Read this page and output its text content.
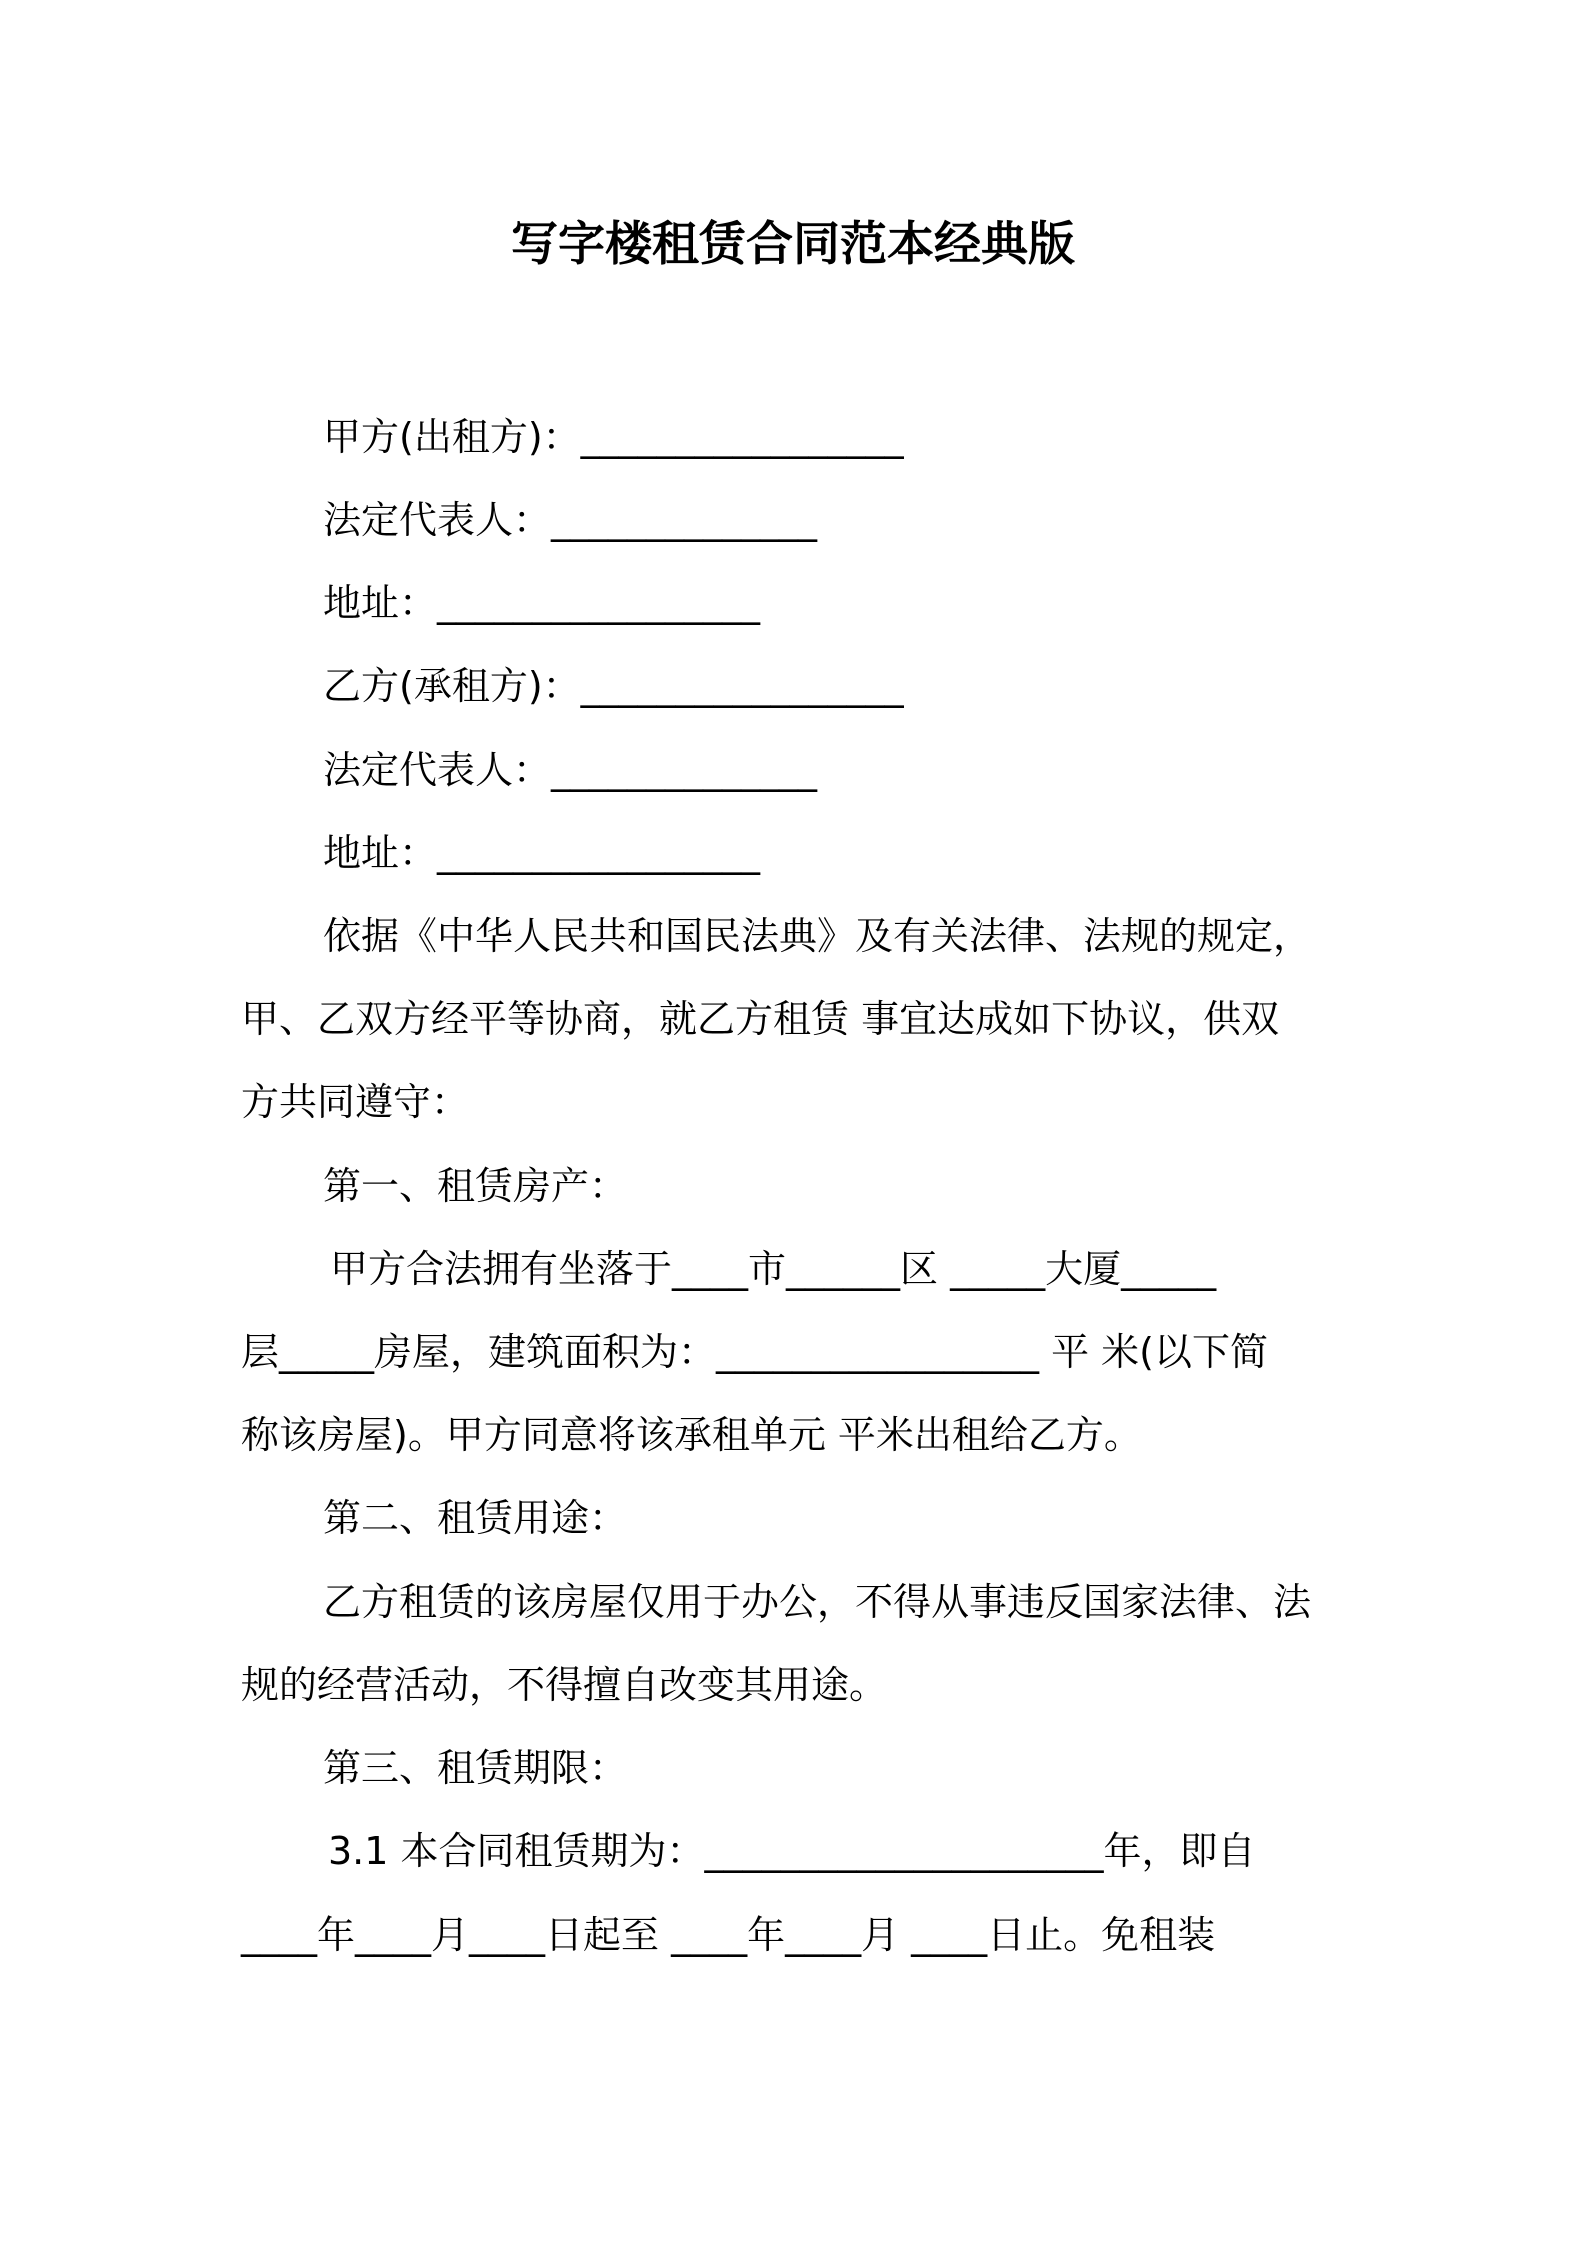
写字楼租赁合同范本经典版
甲方(出租方)：_________________
法定代表人：______________
地址：_________________
乙方(承租方)：_________________
法定代表人：______________
地址：_________________
依据《中华人民共和国民法典》及有关法律、法规的规定，
甲、乙双方经平等协商，就乙方租赁 事宜达成如下协议，供双
方共同遵守：
第一、租赁房产：
甲方合法拥有坐落于____市______区 _____大厦_____
层_____房屋，建筑面积为：_________________ 平 米(以下简
称该房屋)。甲方同意将该承租单元 平米出租给乙方。
第二、租赁用途：
乙方租赁的该房屋仅用于办公，不得从事违反国家法律、法
规的经营活动，不得擅自改变其用途。
第三、租赁期限：
3.1 本合同租赁期为：_____________________年，即自
____年____月____日起至 ____年____月 ____日止。免租装
